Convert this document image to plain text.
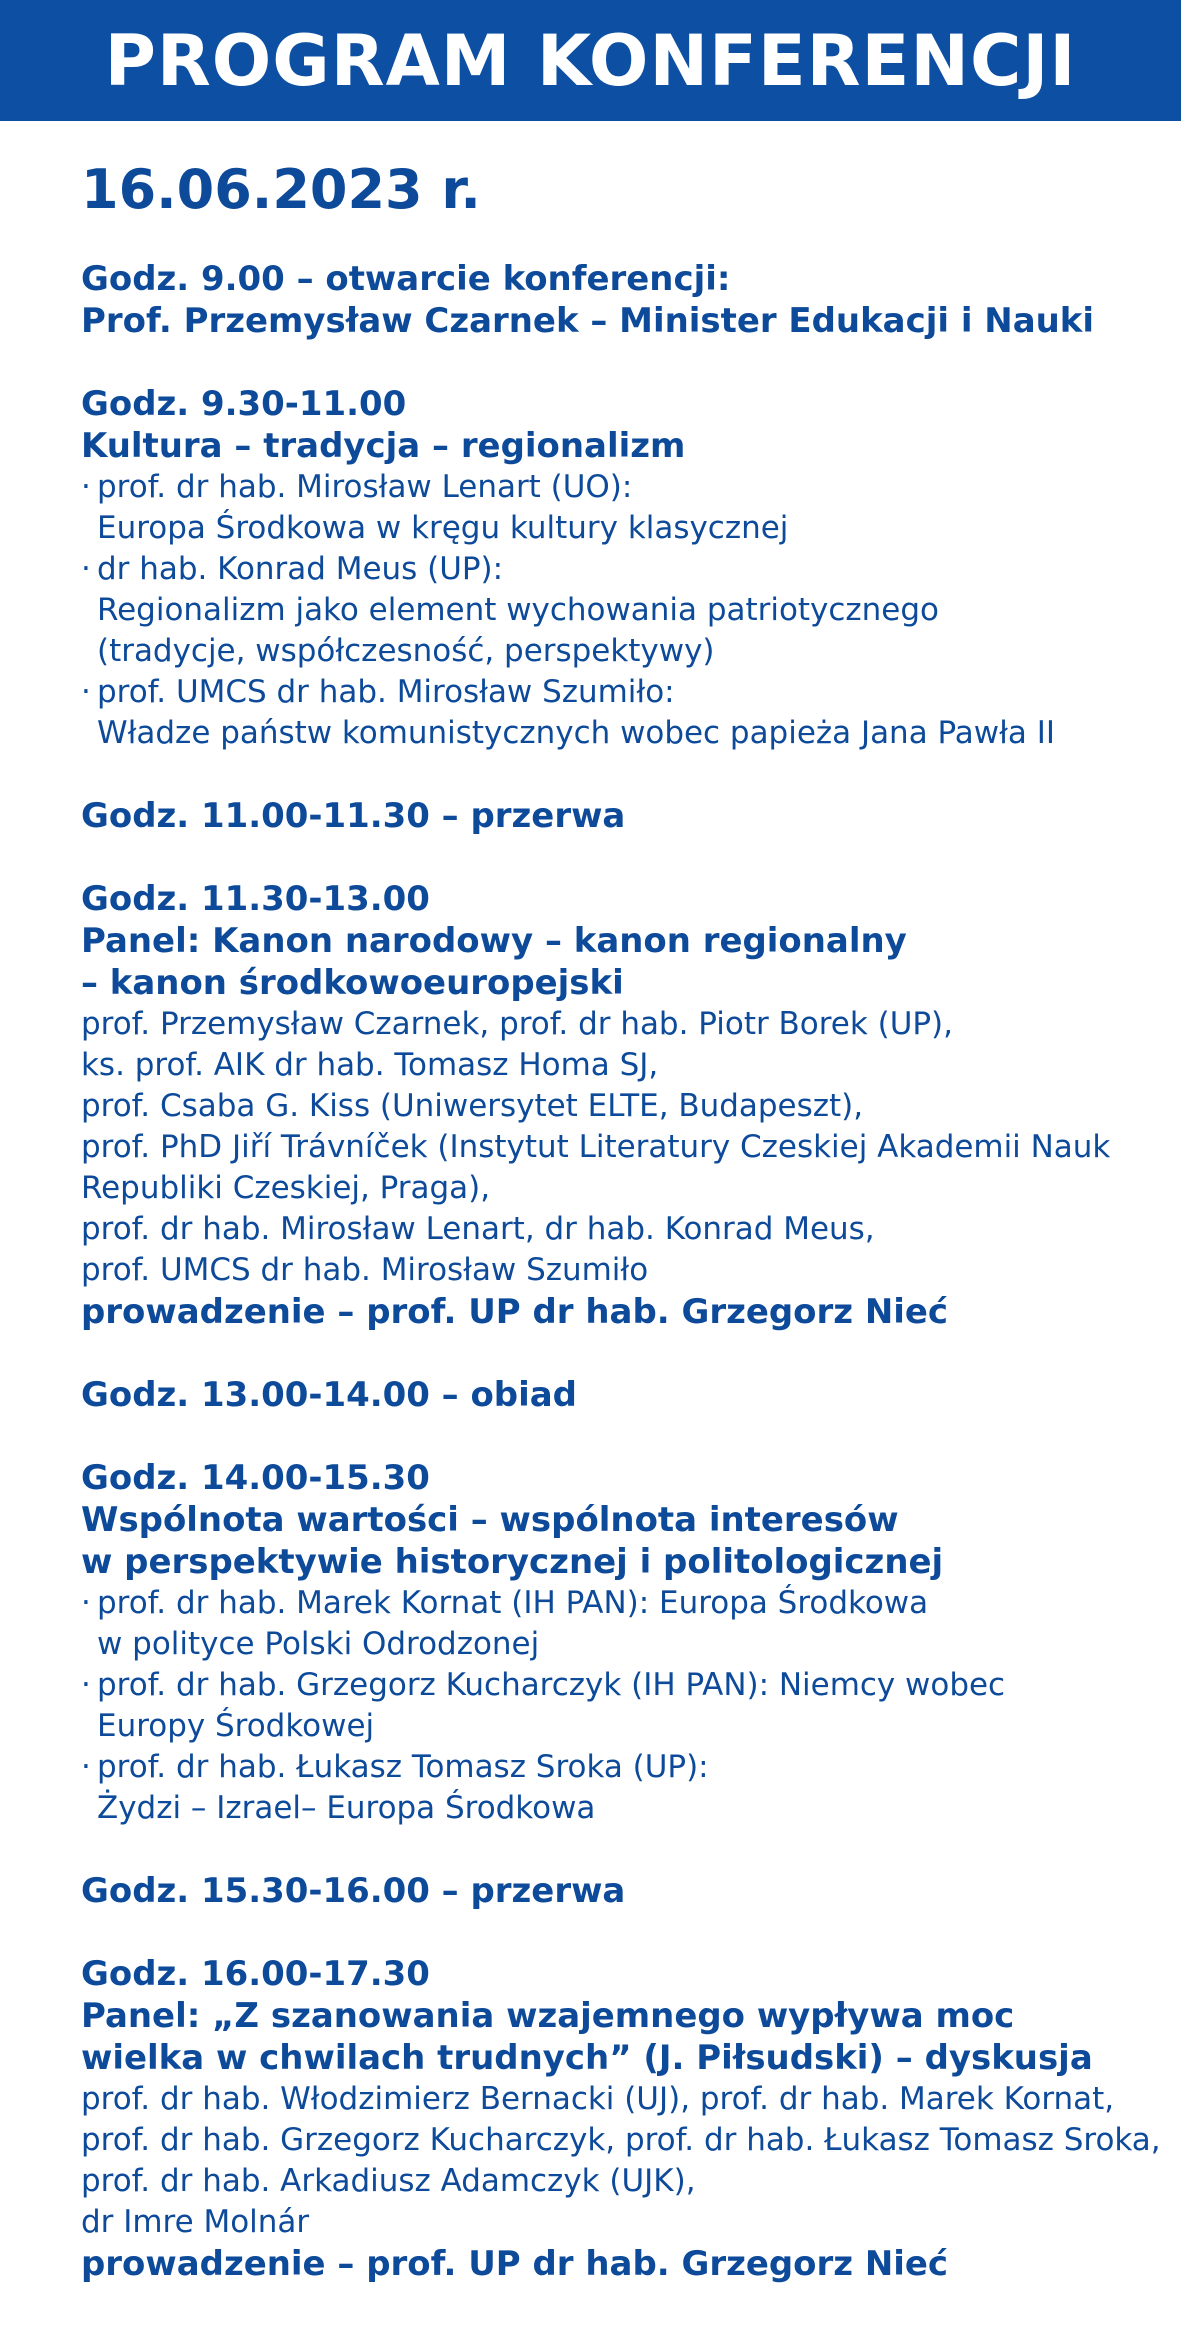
PROGRAM KONFERENCJI
16.06.2023 r.
Godz. 9.00 – otwarcie konferencji:
Prof. Przemysław Czarnek – Minister Edukacji i Nauki
Godz. 9.30-11.00
Kultura – tradycja – regionalizm
· prof. dr hab. Mirosław Lenart (UO):
Europa Środkowa w kręgu kultury klasycznej
· dr hab. Konrad Meus (UP):
Regionalizm jako element wychowania patriotycznego
(tradycje, współczesność, perspektywy)
· prof. UMCS dr hab. Mirosław Szumiło:
Władze państw komunistycznych wobec papieża Jana Pawła II
Godz. 11.00-11.30 – przerwa
Godz. 11.30-13.00
Panel: Kanon narodowy – kanon regionalny
– kanon środkowoeuropejski
prof. Przemysław Czarnek, prof. dr hab. Piotr Borek (UP),
ks. prof. AIK dr hab. Tomasz Homa SJ,
prof. Csaba G. Kiss (Uniwersytet ELTE, Budapeszt),
prof. PhD Jiří Trávníček (Instytut Literatury Czeskiej Akademii Nauk
Republiki Czeskiej, Praga),
prof. dr hab. Mirosław Lenart, dr hab. Konrad Meus,
prof. UMCS dr hab. Mirosław Szumiło
prowadzenie – prof. UP dr hab. Grzegorz Nieć
Godz. 13.00-14.00 – obiad
Godz. 14.00-15.30
Wspólnota wartości – wspólnota interesów
w perspektywie historycznej i politologicznej
· prof. dr hab. Marek Kornat (IH PAN): Europa Środkowa
w polityce Polski Odrodzonej
· prof. dr hab. Grzegorz Kucharczyk (IH PAN): Niemcy wobec
Europy Środkowej
· prof. dr hab. Łukasz Tomasz Sroka (UP):
Żydzi – Izrael– Europa Środkowa
Godz. 15.30-16.00 – przerwa
Godz. 16.00-17.30
Panel: „Z szanowania wzajemnego wypływa moc
wielka w chwilach trudnych” (J. Piłsudski) – dyskusja
prof. dr hab. Włodzimierz Bernacki (UJ), prof. dr hab. Marek Kornat,
prof. dr hab. Grzegorz Kucharczyk, prof. dr hab. Łukasz Tomasz Sroka,
prof. dr hab. Arkadiusz Adamczyk (UJK),
dr Imre Molnár
prowadzenie – prof. UP dr hab. Grzegorz Nieć
